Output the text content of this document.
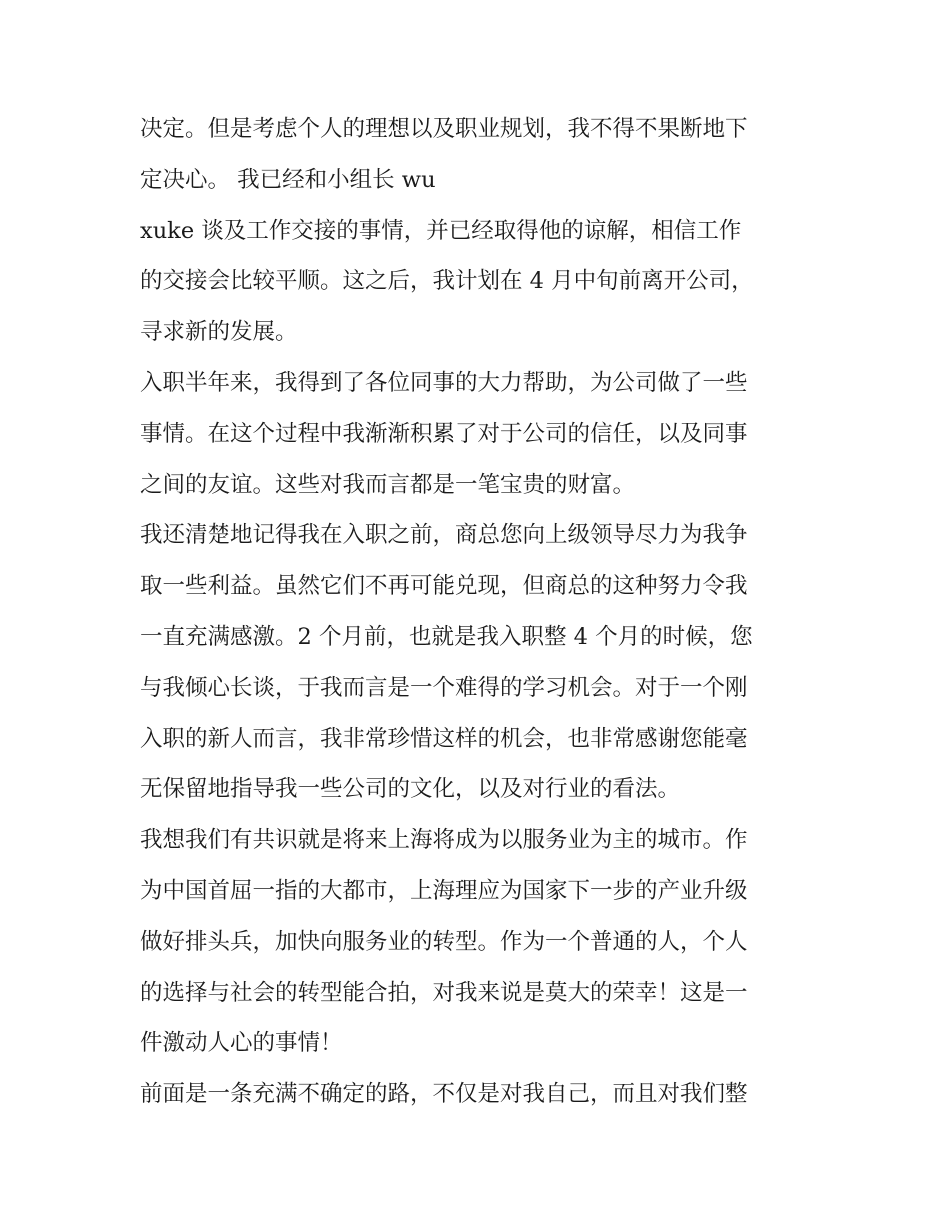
决定。但是考虑个人的理想以及职业规划，我不得不果断地下
定决心。 我已经和小组长 wu
xuke 谈及工作交接的事情，并已经取得他的谅解，相信工作
的交接会比较平顺。这之后，我计划在 4 月中旬前离开公司，
寻求新的发展。
入职半年来，我得到了各位同事的大力帮助，为公司做了一些
事情。在这个过程中我渐渐积累了对于公司的信任，以及同事
之间的友谊。这些对我而言都是一笔宝贵的财富。
我还清楚地记得我在入职之前，商总您向上级领导尽力为我争
取一些利益。虽然它们不再可能兑现，但商总的这种努力令我
一直充满感激。2 个月前，也就是我入职整 4 个月的时候，您
与我倾心长谈，于我而言是一个难得的学习机会。对于一个刚
入职的新人而言，我非常珍惜这样的机会，也非常感谢您能毫
无保留地指导我一些公司的文化，以及对行业的看法。
我想我们有共识就是将来上海将成为以服务业为主的城市。作
为中国首屈一指的大都市，上海理应为国家下一步的产业升级
做好排头兵，加快向服务业的转型。作为一个普通的人，个人
的选择与社会的转型能合拍，对我来说是莫大的荣幸！这是一
件激动人心的事情！
前面是一条充满不确定的路，不仅是对我自己，而且对我们整
